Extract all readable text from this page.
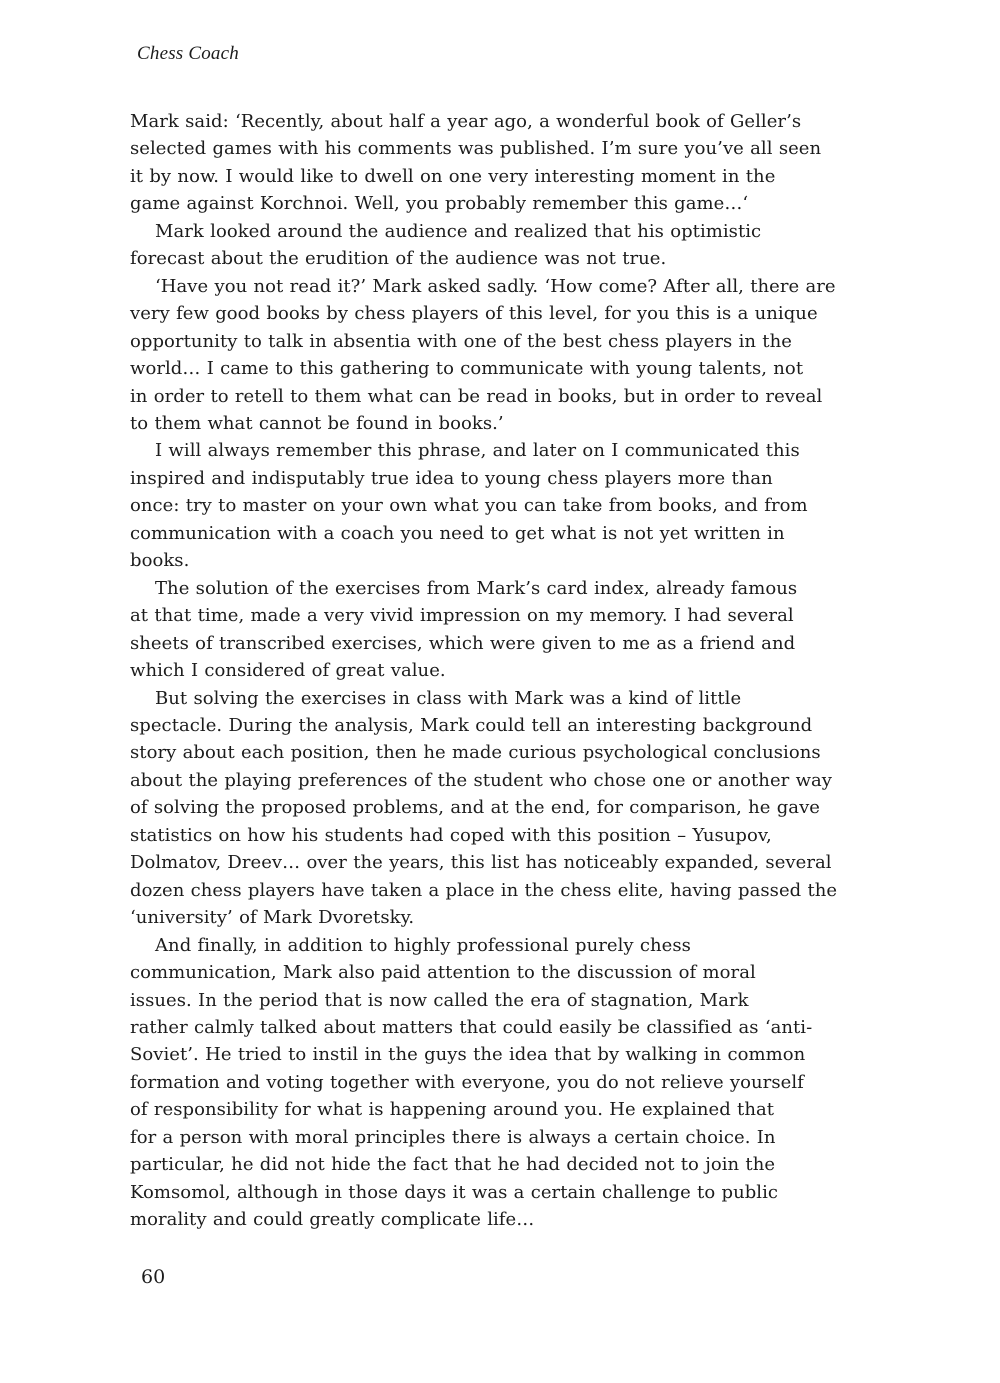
Chess Coach

Mark said: ‘Recently, about half a year ago, a wonderful book of Geller’s
selected games with his comments was published. I’m sure you’ve all seen
it by now. I would like to dwell on one very interesting moment in the
game against Korchnoi. Well, you probably remember this game…‘

Mark looked around the audience and realized that his optimistic
forecast about the erudition of the audience was not true.

‘Have you not read it?’ Mark asked sadly. ‘How come? After all, there are
very few good books by chess players of this level, for you this is a unique
opportunity to talk in absentia with one of the best chess players in the
world… I came to this gathering to communicate with young talents, not
in order to retell to them what can be read in books, but in order to reveal
to them what cannot be found in books.’

I will always remember this phrase, and later on I communicated this
inspired and indisputably true idea to young chess players more than
once: try to master on your own what you can take from books, and from
communication with a coach you need to get what is not yet written in
books.

The solution of the exercises from Mark’s card index, already famous
at that time, made a very vivid impression on my memory. I had several
sheets of transcribed exercises, which were given to me as a friend and
which I considered of great value.

But solving the exercises in class with Mark was a kind of little
spectacle. During the analysis, Mark could tell an interesting background
story about each position, then he made curious psychological conclusions
about the playing preferences of the student who chose one or another way
of solving the proposed problems, and at the end, for comparison, he gave
statistics on how his students had coped with this position – Yusupov,
Dolmatov, Dreev… over the years, this list has noticeably expanded, several
dozen chess players have taken a place in the chess elite, having passed the
‘university’ of Mark Dvoretsky.

And finally, in addition to highly professional purely chess
communication, Mark also paid attention to the discussion of moral
issues. In the period that is now called the era of stagnation, Mark
rather calmly talked about matters that could easily be classified as ‘anti-
Soviet’. He tried to instil in the guys the idea that by walking in common
formation and voting together with everyone, you do not relieve yourself
of responsibility for what is happening around you. He explained that
for a person with moral principles there is always a certain choice. In
particular, he did not hide the fact that he had decided not to join the
Komsomol, although in those days it was a certain challenge to public
morality and could greatly complicate life…

60
